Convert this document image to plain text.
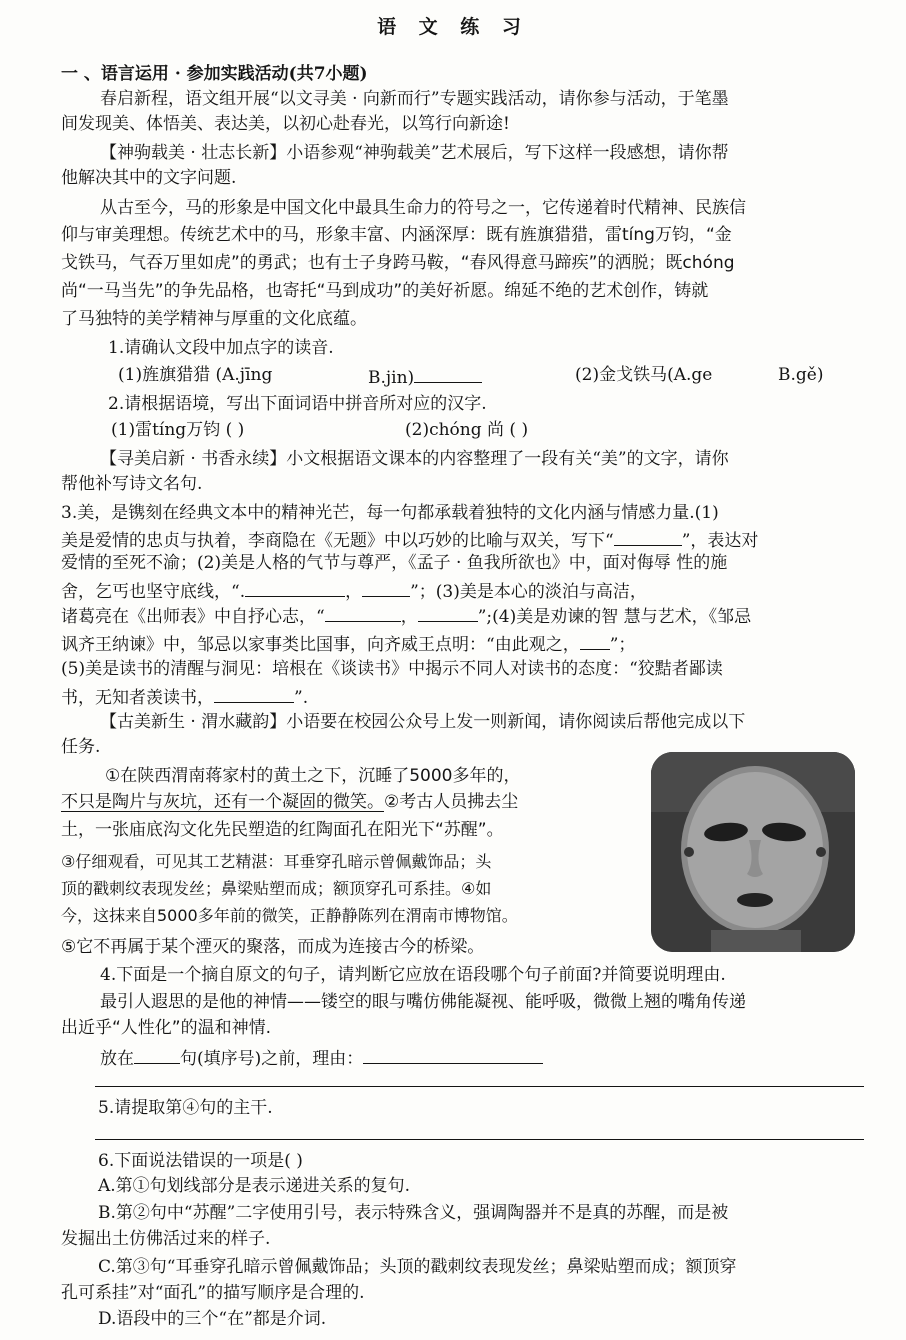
语 文 练 习
一 、语言运用 · 参加实践活动(共7小题)
春启新程，语文组开展“以文寻美 · 向新而行”专题实践活动，请你参与活动，于笔墨
间发现美、体悟美、表达美，以初心赴春光，以笃行向新途!
【神驹载美 · 壮志长新】小语参观“神驹载美”艺术展后，写下这样一段感想，请你帮
他解决其中的文字问题.
从古至今，马的形象是中国文化中最具生命力的符号之一，它传递着时代精神、民族信
仰与审美理想。传统艺术中的马，形象丰富、内涵深厚：既有旌旗猎猎，雷tíng万钧，“金
戈铁马，气吞万里如虎”的勇武；也有士子身跨马鞍，“春风得意马蹄疾”的洒脱；既chóng
尚“一马当先”的争先品格，也寄托“马到成功”的美好祈愿。绵延不绝的艺术创作，铸就
了马独特的美学精神与厚重的文化底蕴。
1.请确认文段中加点字的读音.
(1)旌旗猎猎 (A.jīng	B.jin)	(2)金戈铁马(A.ge	B.gě)
2.请根据语境，写出下面词语中拼音所对应的汉字.
(1)雷tíng万钧 ( )	(2)chóng 尚 ( )
【寻美启新 · 书香永续】小文根据语文课本的内容整理了一段有关“美”的文字，请你
帮他补写诗文名句.
3.美，是镌刻在经典文本中的精神光芒，每一句都承载着独特的文化内涵与情感力量.(1)
美是爱情的忠贞与执着，李商隐在《无题》中以巧妙的比喻与双关，写下“	”，表达对
爱情的至死不渝；(2)美是人格的气节与尊严，《孟子 · 鱼我所欲也》中，面对侮辱 性的施
舍，乞丐也坚守底线，“.	，	”；(3)美是本心的淡泊与高洁，
诸葛亮在《出师表》中自抒心志，“	，	”;(4)美是劝谏的智 慧与艺术，《邹忌
讽齐王纳谏》中，邹忌以家事类比国事，向齐威王点明：“由此观之， ”；
(5)美是读书的清醒与洞见：培根在《谈读书》中揭示不同人对读书的态度：“狡黠者鄙读
书，无知者羡读书，	”.
【古美新生 · 渭水藏韵】小语要在校园公众号上发一则新闻，请你阅读后帮他完成以下
任务.
①在陕西渭南蒋家村的黄土之下，沉睡了5000多年的，
不只是陶片与灰坑，还有一个凝固的微笑。②考古人员拂去尘
土，一张庙底沟文化先民塑造的红陶面孔在阳光下“苏醒”。
③仔细观看，可见其工艺精湛：耳垂穿孔暗示曾佩戴饰品；头
顶的戳刺纹表现发丝；鼻梁贴塑而成；额顶穿孔可系挂。④如
今，这抹来自5000多年前的微笑，正静静陈列在渭南市博物馆。
⑤它不再属于某个湮灭的聚落，而成为连接古今的桥梁。
4.下面是一个摘自原文的句子，请判断它应放在语段哪个句子前面?并简要说明理由.
最引人遐思的是他的神情——镂空的眼与嘴仿佛能凝视、能呼吸，微微上翘的嘴角传递
出近乎“人性化”的温和神情.
放在	句(填序号)之前，理由：
5.请提取第④句的主干.
6.下面说法错误的一项是( )
A.第①句划线部分是表示递进关系的复句.
B.第②句中“苏醒”二字使用引号，表示特殊含义，强调陶器并不是真的苏醒，而是被
发掘出土仿佛活过来的样子.
C.第③句“耳垂穿孔暗示曾佩戴饰品；头顶的戳刺纹表现发丝；鼻梁贴塑而成；额顶穿
孔可系挂”对“面孔”的描写顺序是合理的.
D.语段中的三个“在”都是介词.
